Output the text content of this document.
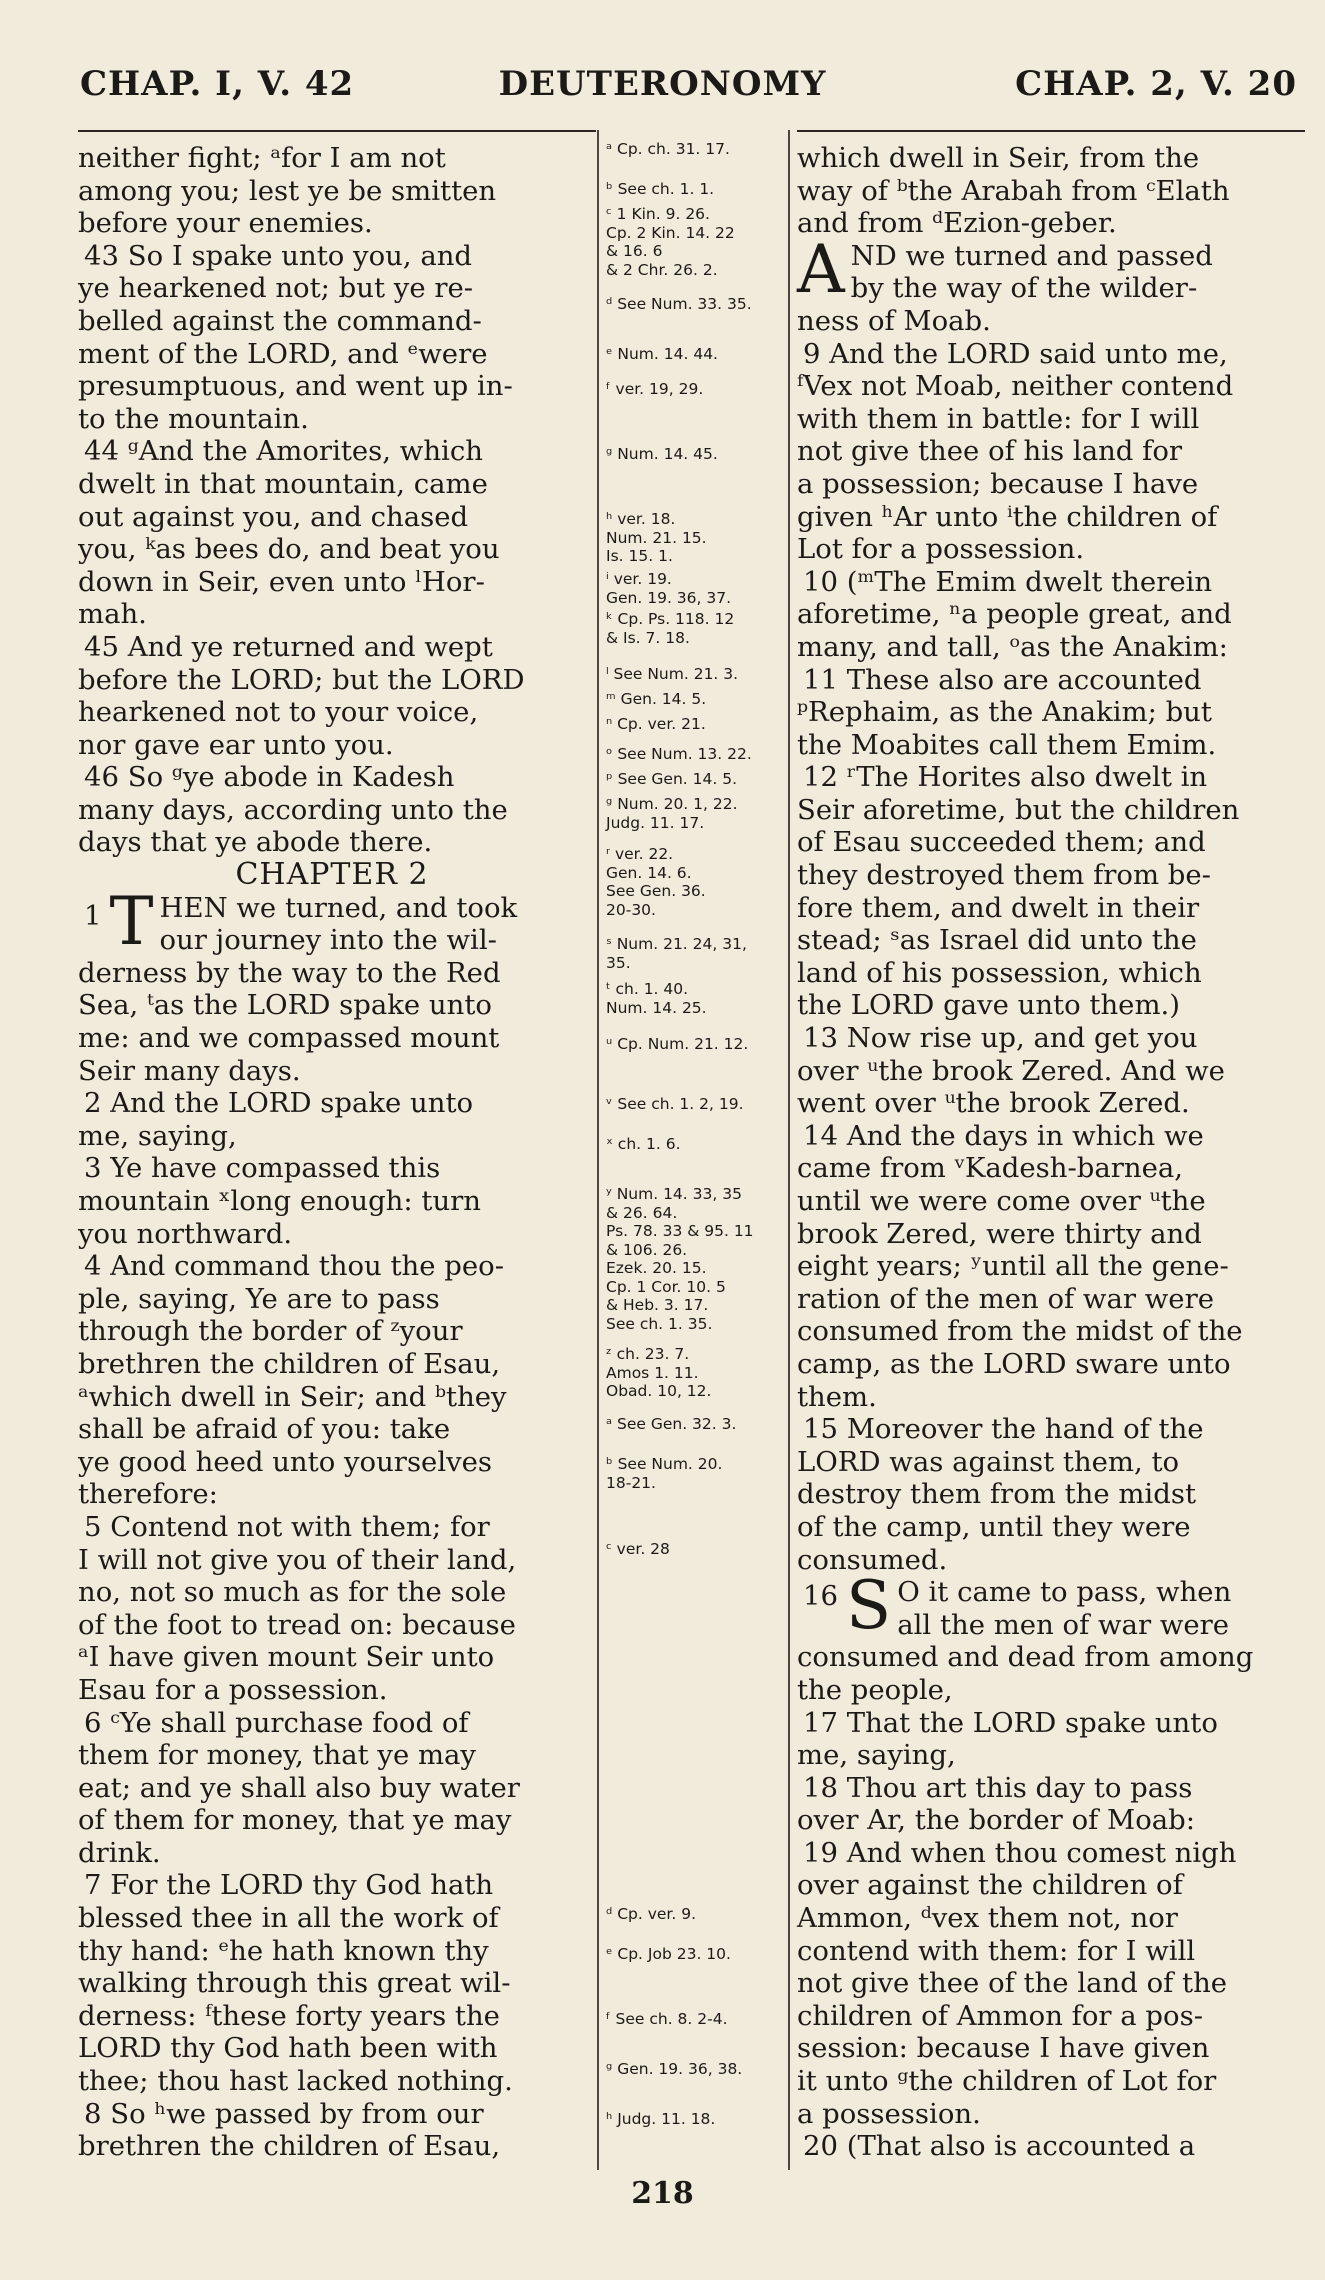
CHAP. I, V. 42	DEUTERONOMY	CHAP. 2, V. 20

neither fight; ᵃfor I am not

among you; lest ye be smitten

before your enemies.

43 So I spake unto you, and

ye hearkened not; but ye re-

belled against the command-

ment of the LORD, and ᵉwere

presumptuous, and went up in-

to the mountain.

44 ᵍAnd the Amorites, which

dwelt in that mountain, came

out against you, and chased

you, ᵏas bees do, and beat you

down in Seir, even unto ˡHor-

mah.

45 And ye returned and wept

before the LORD; but the LORD

hearkened not to your voice,

nor gave ear unto you.

46 So ᵍye abode in Kadesh

many days, according unto the

days that ye abode there.

CHAPTER 2

1 T HEN we turned, and took

our journey into the wil-

derness by the way to the Red

Sea, ᵗas the LORD spake unto

me: and we compassed mount

Seir many days.

2 And the LORD spake unto

me, saying,

3 Ye have compassed this

mountain ˣlong enough: turn

you northward.

4 And command thou the peo-

ple, saying, Ye are to pass

through the border of ᶻyour

brethren the children of Esau,

ᵃwhich dwell in Seir; and ᵇthey

shall be afraid of you: take

ye good heed unto yourselves

therefore:

5 Contend not with them; for

I will not give you of their land,

no, not so much as for the sole

of the foot to tread on: because

ᵃI have given mount Seir unto

Esau for a possession.

6 ᶜYe shall purchase food of

them for money, that ye may

eat; and ye shall also buy water

of them for money, that ye may

drink.

7 For the LORD thy God hath

blessed thee in all the work of

thy hand: ᵉhe hath known thy

walking through this great wil-

derness: ᶠthese forty years the

LORD thy God hath been with

thee; thou hast lacked nothing.

8 So ʰwe passed by from our

brethren the children of Esau,

ᵃ Cp. ch. 31. 17.
ᵇ See ch. 1. 1.
ᶜ 1 Kin. 9. 26.
Cp. 2 Kin. 14. 22
& 16. 6
& 2 Chr. 26. 2.
ᵈ See Num. 33. 35.
ᵉ Num. 14. 44.
ᶠ ver. 19, 29.
ᵍ Num. 14. 45.
ʰ ver. 18.
Num. 21. 15.
Is. 15. 1.
ⁱ ver. 19.
Gen. 19. 36, 37.
ᵏ Cp. Ps. 118. 12
& Is. 7. 18.
ˡ See Num. 21. 3.
ᵐ Gen. 14. 5.
ⁿ Cp. ver. 21.
ᵒ See Num. 13. 22.
ᵖ See Gen. 14. 5.
ᵍ Num. 20. 1, 22.
Judg. 11. 17.
ʳ ver. 22.
Gen. 14. 6.
See Gen. 36.
20-30.
ˢ Num. 21. 24, 31,
35.
ᵗ ch. 1. 40.
Num. 14. 25.
ᵘ Cp. Num. 21. 12.
ᵛ See ch. 1. 2, 19.
ˣ ch. 1. 6.
ʸ Num. 14. 33, 35
& 26. 64.
Ps. 78. 33 & 95. 11
& 106. 26.
Ezek. 20. 15.
Cp. 1 Cor. 10. 5
& Heb. 3. 17.
See ch. 1. 35.
ᶻ ch. 23. 7.
Amos 1. 11.
Obad. 10, 12.
ᵃ See Gen. 32. 3.
ᵇ See Num. 20.
18-21.
ᶜ ver. 28
ᵈ Cp. ver. 9.
ᵉ Cp. Job 23. 10.
ᶠ See ch. 8. 2-4.
ᵍ Gen. 19. 36, 38.
ʰ Judg. 11. 18.

which dwell in Seir, from the

way of ᵇthe Arabah from ᶜElath

and from ᵈEzion-geber.

A ND we turned and passed

by the way of the wilder-

ness of Moab.

9 And the LORD said unto me,

ᶠVex not Moab, neither contend

with them in battle: for I will

not give thee of his land for

a possession; because I have

given ʰAr unto ⁱthe children of

Lot for a possession.

10 (ᵐThe Emim dwelt therein

aforetime, ⁿa people great, and

many, and tall, ᵒas the Anakim:

11 These also are accounted

ᵖRephaim, as the Anakim; but

the Moabites call them Emim.

12 ʳThe Horites also dwelt in

Seir aforetime, but the children

of Esau succeeded them; and

they destroyed them from be-

fore them, and dwelt in their

stead; ˢas Israel did unto the

land of his possession, which

the LORD gave unto them.)

13 Now rise up, and get you

over ᵘthe brook Zered. And we

went over ᵘthe brook Zered.

14 And the days in which we

came from ᵛKadesh-barnea,

until we were come over ᵘthe

brook Zered, were thirty and

eight years; ʸuntil all the gene-

ration of the men of war were

consumed from the midst of the

camp, as the LORD sware unto

them.

15 Moreover the hand of the

LORD was against them, to

destroy them from the midst

of the camp, until they were

consumed.

16 S O it came to pass, when

all the men of war were

consumed and dead from among

the people,

17 That the LORD spake unto

me, saying,

18 Thou art this day to pass

over Ar, the border of Moab:

19 And when thou comest nigh

over against the children of

Ammon, ᵈvex them not, nor

contend with them: for I will

not give thee of the land of the

children of Ammon for a pos-

session: because I have given

it unto ᵍthe children of Lot for

a possession.

20 (That also is accounted a

218
